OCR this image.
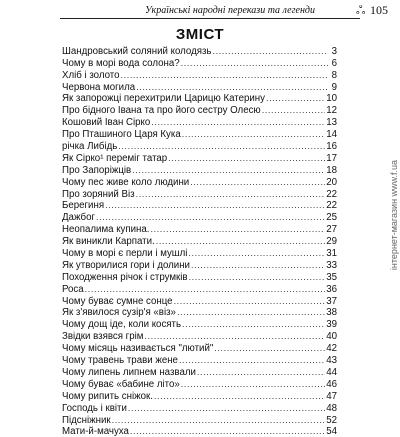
Українські народні перекази та легенди	ஃ 105
ЗМІСТ
Шандровський соляний колодязь .....	3
Чому в морі вода солона? .....	6
Хліб і золото .....	8
Червона могила .....	9
Як запорожці перехитрили Царицю Катерину .....	10
Про бідного Івана та про його сестру Олесю .....	12
Кошовий Іван Сірко .....	13
Про Пташиного Царя Кука .....	14
річка Либідь .....	16
Як Сірко¹ переміг татар .....	17
Про Запоріжців .....	18
Чому пес живе коло людини .....	20
Про зоряний Віз .....	22
Берегиня .....	22
Дажбог .....	25
Неопалима купина. .....	27
Як виникли Карпати. .....	29
Чому в морі є перли і мушлі .....	31
Як утворилися гори і долини .....	33
Походження річок і струмків .....	35
Роса .....	36
Чому буває сумне сонце .....	37
Як з'явилося сузір'я «віз» .....	38
Чому дощ іде, коли косять .....	39
Звідки взявся грім .....	40
Чому місяць називається "лютий" .....	42
Чому травень трави жене .....	43
Чому липень липнем назвали .....	44
Чому буває «бабине літо» .....	46
Чому рипить сніжок. .....	47
Господь і квіти .....	48
Підсніжник .....	52
Мати-й-мачуха .....	54
інтернет-магазин www.f.ua
